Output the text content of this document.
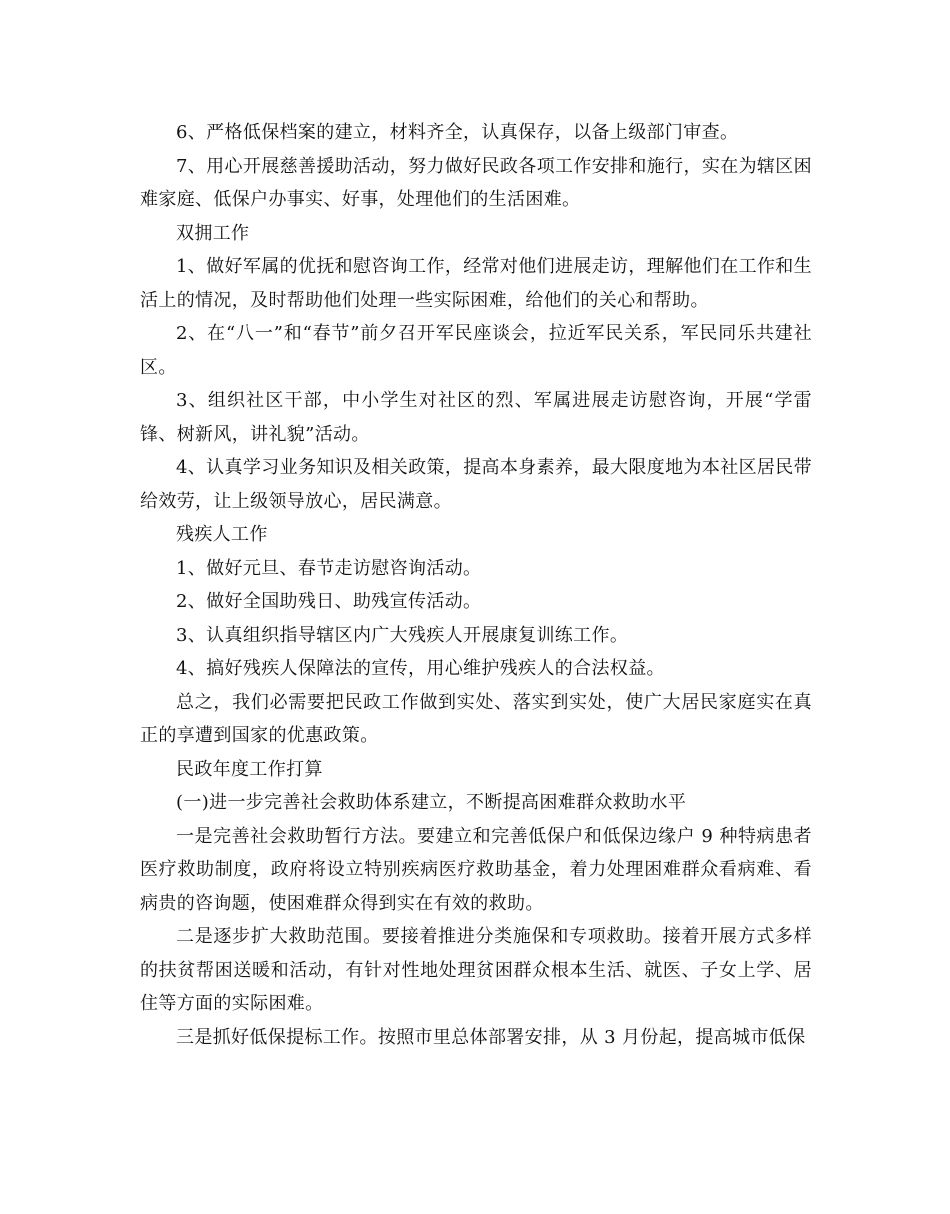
6、严格低保档案的建立，材料齐全，认真保存，以备上级部门审查。

7、用心开展慈善援助活动，努力做好民政各项工作安排和施行，实在为辖区困难家庭、低保户办事实、好事，处理他们的生活困难。

双拥工作

1、做好军属的优抚和慰咨询工作，经常对他们进展走访，理解他们在工作和生活上的情况，及时帮助他们处理一些实际困难，给他们的关心和帮助。

2、在“八一”和“春节”前夕召开军民座谈会，拉近军民关系，军民同乐共建社区。

3、组织社区干部，中小学生对社区的烈、军属进展走访慰咨询，开展“学雷锋、树新风，讲礼貌”活动。

4、认真学习业务知识及相关政策，提高本身素养，最大限度地为本社区居民带给效劳，让上级领导放心，居民满意。

残疾人工作

1、做好元旦、春节走访慰咨询活动。

2、做好全国助残日、助残宣传活动。

3、认真组织指导辖区内广大残疾人开展康复训练工作。

4、搞好残疾人保障法的宣传，用心维护残疾人的合法权益。

总之，我们必需要把民政工作做到实处、落实到实处，使广大居民家庭实在真正的享遭到国家的优惠政策。

民政年度工作打算

(一)进一步完善社会救助体系建立，不断提高困难群众救助水平

一是完善社会救助暂行方法。要建立和完善低保户和低保边缘户 9 种特病患者医疗救助制度，政府将设立特别疾病医疗救助基金，着力处理困难群众看病难、看病贵的咨询题，使困难群众得到实在有效的救助。

二是逐步扩大救助范围。要接着推进分类施保和专项救助。接着开展方式多样的扶贫帮困送暖和活动，有针对性地处理贫困群众根本生活、就医、子女上学、居住等方面的实际困难。

三是抓好低保提标工作。按照市里总体部署安排，从 3 月份起，提高城市低保
